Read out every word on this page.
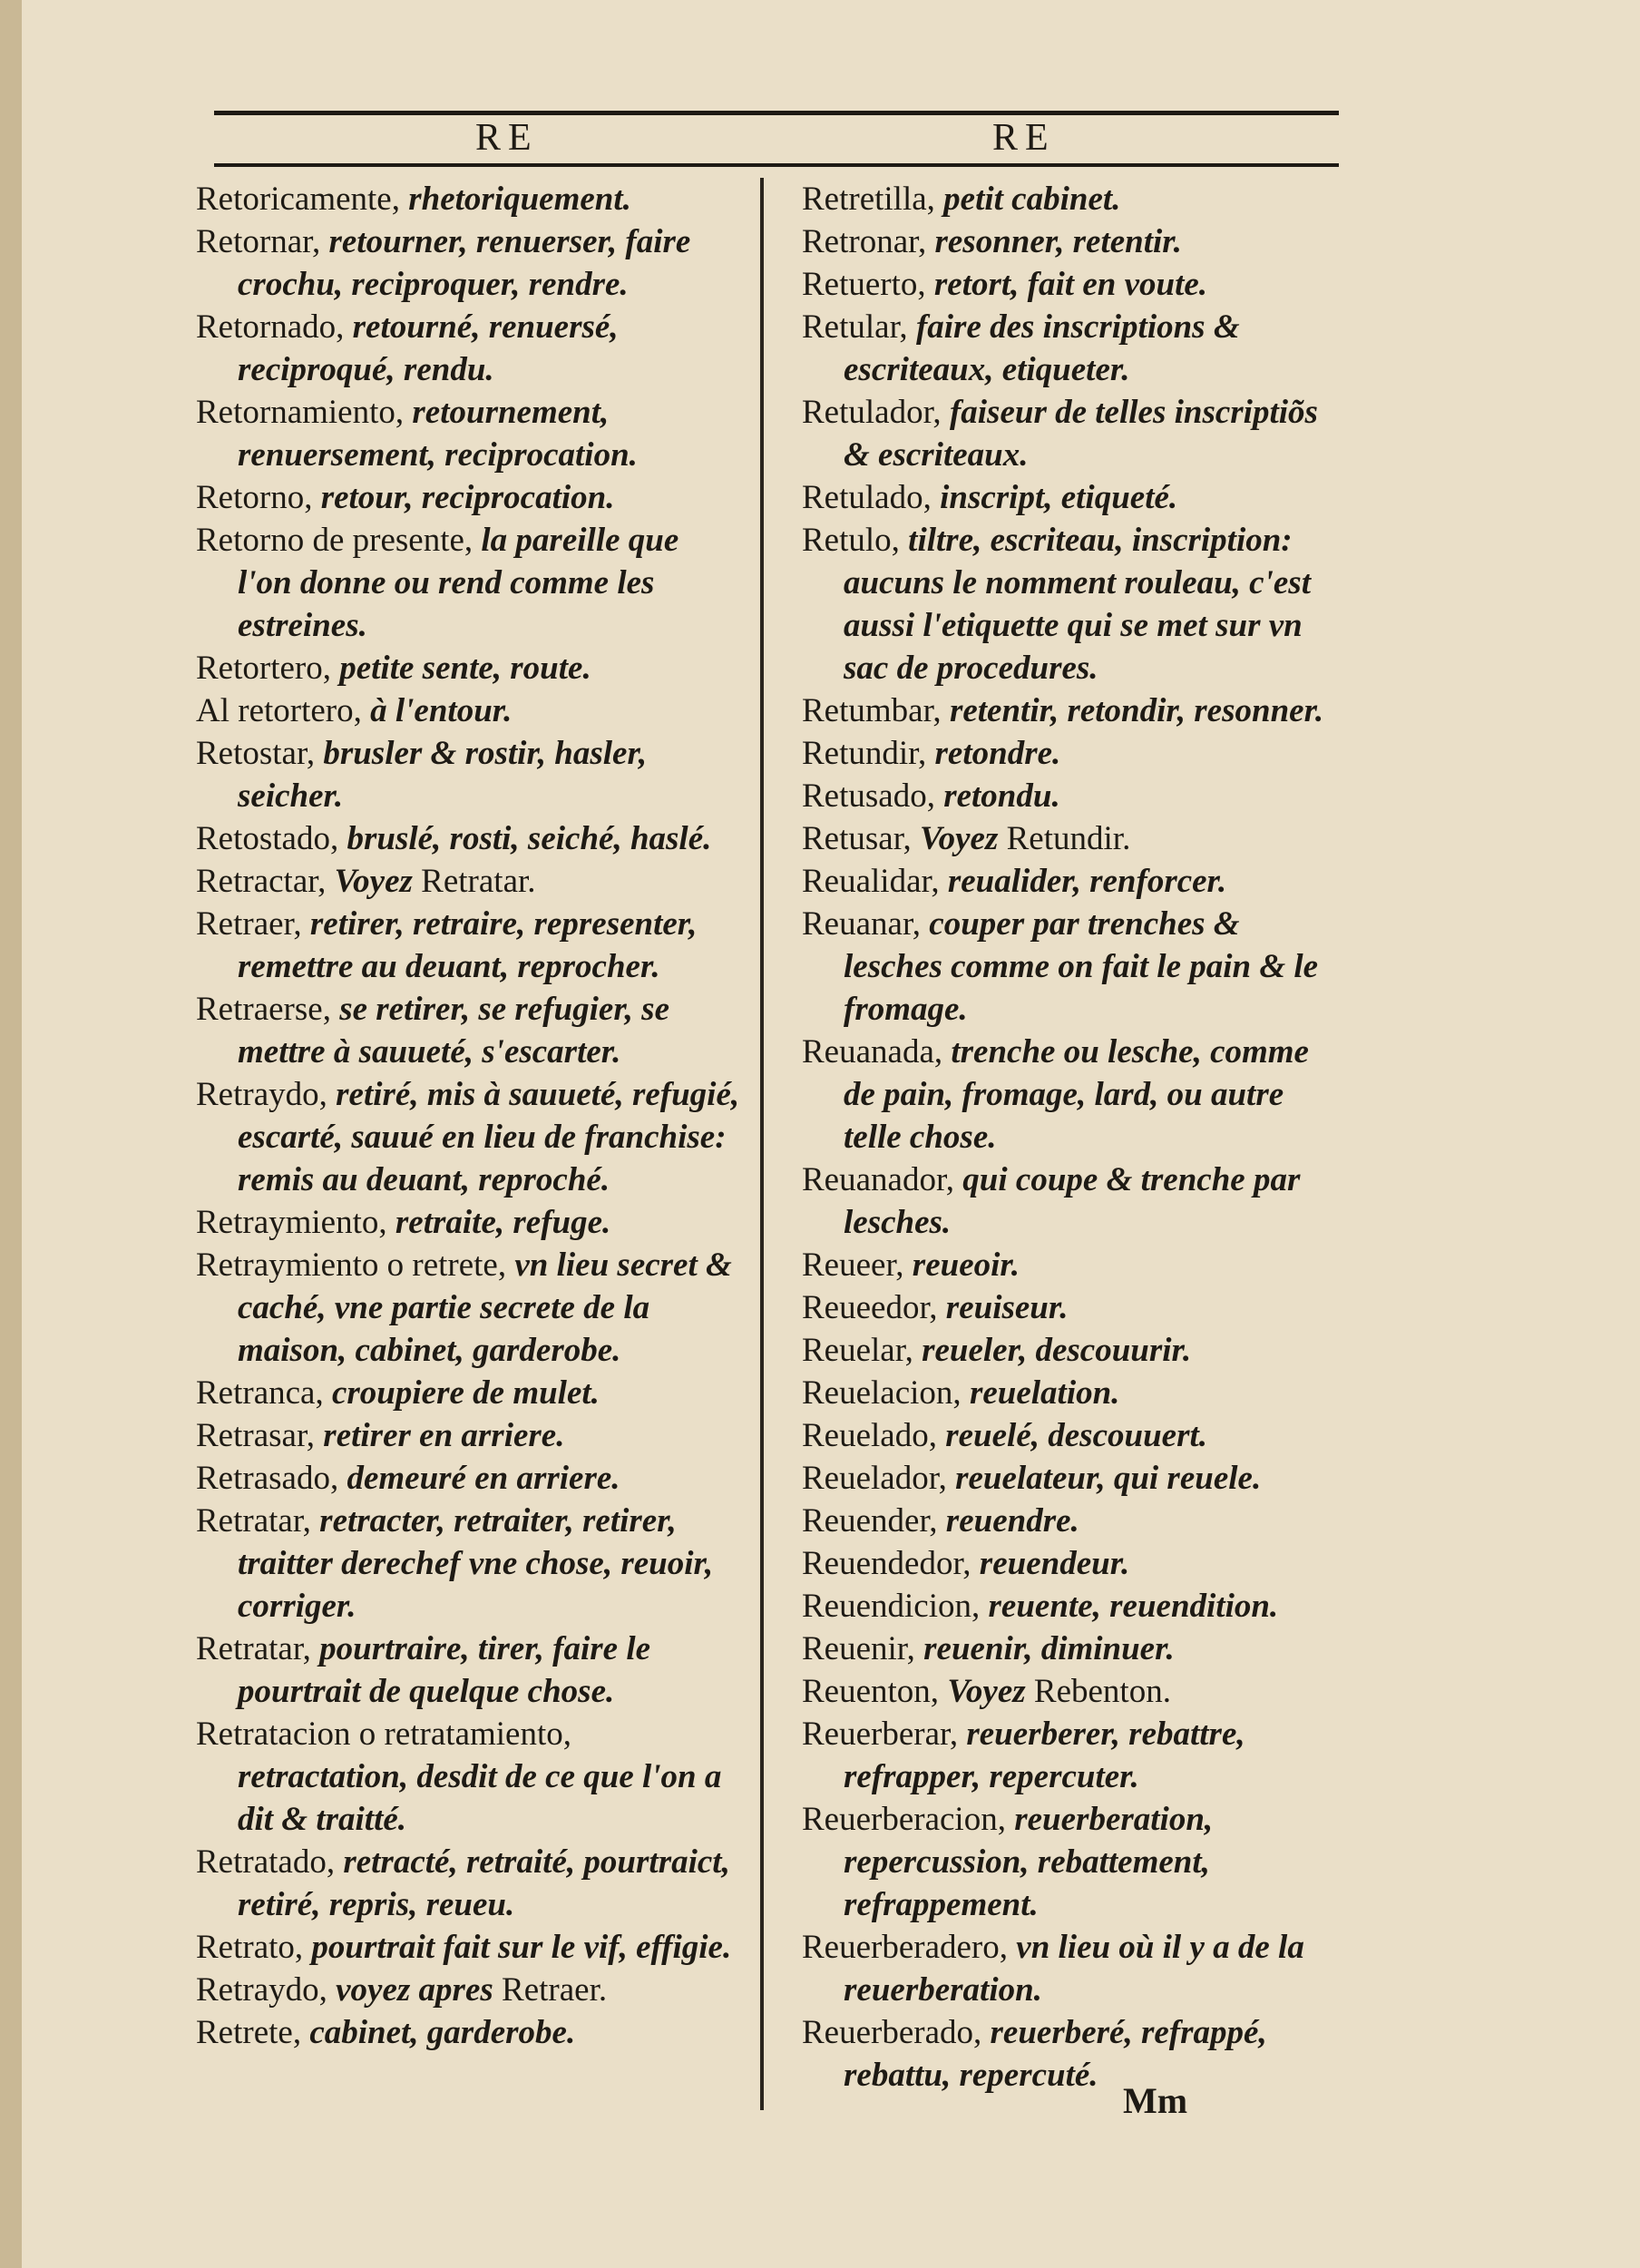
RE	RE

Retoricamente, rhetoriquement.

Retornar, retourner, renuerser, faire crochu, reciproquer, rendre.

Retornado, retourné, renuersé, reciproqué, rendu.

Retornamiento, retournement, renuersement, reciprocation.

Retorno, retour, reciprocation.

Retorno de presente, la pareille que l'on donne ou rend comme les estreines.

Retortero, petite sente, route.

Al retortero, à l'entour.

Retostar, brusler & rostir, hasler, seicher.

Retostado, bruslé, rosti, seiché, haslé.

Retractar, Voyez Retratar.

Retraer, retirer, retraire, representer, remettre au deuant, reprocher.

Retraerse, se retirer, se refugier, se mettre à sauueté, s'escarter.

Retraydo, retiré, mis à sauueté, refugié, escarté, sauué en lieu de franchise: remis au deuant, reproché.

Retraymiento, retraite, refuge.

Retraymiento o retrete, vn lieu secret & caché, vne partie secrete de la maison, cabinet, garderobe.

Retranca, croupiere de mulet.

Retrasar, retirer en arriere.

Retrasado, demeuré en arriere.

Retratar, retracter, retraiter, retirer, traitter derechef vne chose, reuoir, corriger.

Retratar, pourtraire, tirer, faire le pourtrait de quelque chose.

Retratacion o retratamiento, retractation, desdit de ce que l'on a dit & traitté.

Retratado, retracté, retraité, pourtraict, retiré, repris, reueu.

Retrato, pourtrait fait sur le vif, effigie.

Retraydo, voyez apres Retraer.

Retrete, cabinet, garderobe.

Retretilla, petit cabinet.

Retronar, resonner, retentir.

Retuerto, retort, fait en voute.

Retular, faire des inscriptions & escriteaux, etiqueter.

Retulador, faiseur de telles inscriptiõs & escriteaux.

Retulado, inscript, etiqueté.

Retulo, tiltre, escriteau, inscription: aucuns le nomment rouleau, c'est aussi l'etiquette qui se met sur vn sac de procedures.

Retumbar, retentir, retondir, resonner.

Retundir, retondre.

Retusado, retondu.

Retusar, Voyez Retundir.

Reualidar, reualider, renforcer.

Reuanar, couper par trenches & lesches comme on fait le pain & le fromage.

Reuanada, trenche ou lesche, comme de pain, fromage, lard, ou autre telle chose.

Reuanador, qui coupe & trenche par lesches.

Reueer, reueoir.

Reueedor, reuiseur.

Reuelar, reueler, descouurir.

Reuelacion, reuelation.

Reuelado, reuelé, descouuert.

Reuelador, reuelateur, qui reuele.

Reuender, reuendre.

Reuendedor, reuendeur.

Reuendicion, reuente, reuendition.

Reuenir, reuenir, diminuer.

Reuenton, Voyez Rebenton.

Reuerberar, reuerberer, rebattre, refrapper, repercuter.

Reuerberacion, reuerberation, repercussion, rebattement, refrappement.

Reuerberadero, vn lieu où il y a de la reuerberation.

Reuerberado, reuerberé, refrappé, rebattu, repercuté.

Mm
